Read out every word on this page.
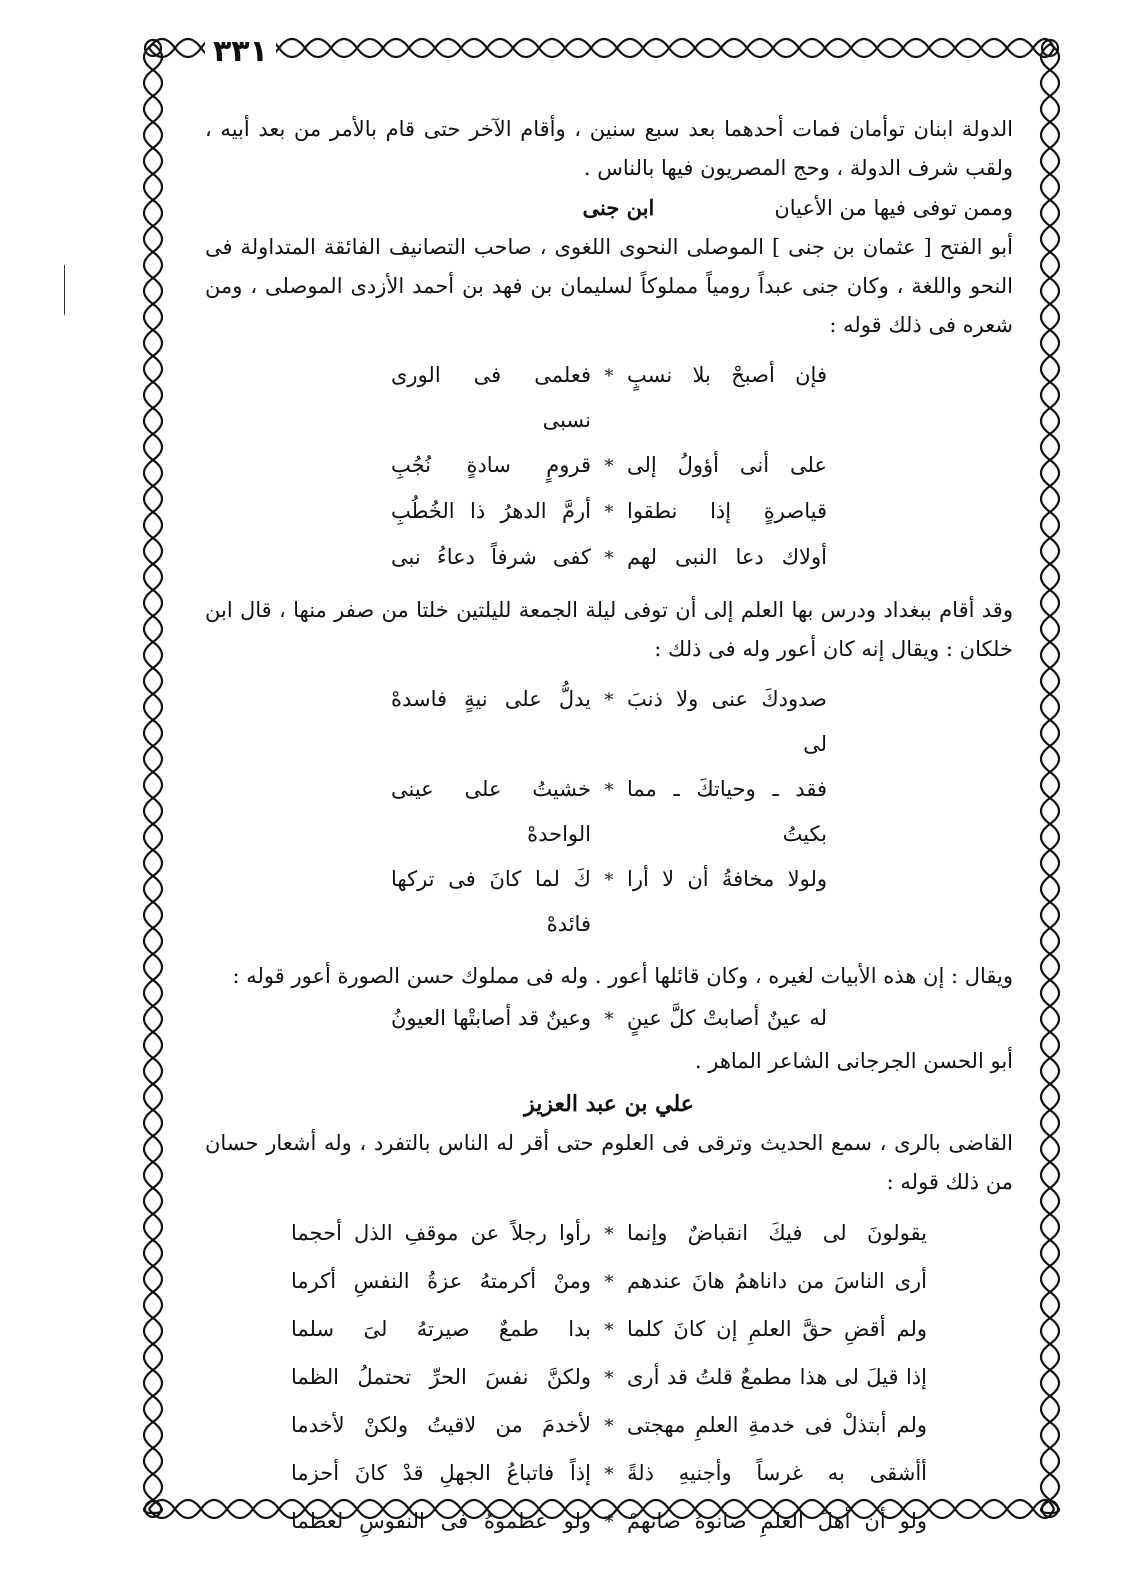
٣٣١

الدولة ابنان توأمان فمات أحدهما بعد سبع سنين ، وأقام الآخر حتى قام بالأمر من بعد أبيه ، ولقب شرف الدولة ، وحج المصريون فيها بالناس .

وممن توفى فيها من الأعيان
ابن جنى

أبو الفتح [ عثمان بن جنى ] الموصلى النحوى اللغوى ، صاحب التصانيف الفائقة المتداولة فى النحو واللغة ، وكان جنى عبداً رومياً مملوكاً لسليمان بن فهد بن أحمد الأزدى الموصلى ، ومن شعره فى ذلك قوله :

فإن أصبحْ بلا نسبٍ
*
فعلمى فى الورى نسبى
على أنى أؤولُ إلى
*
قرومٍ سادةٍ نُجُبِ
قياصرةٍ إذا نطقوا
*
أرمَّ الدهرُ ذا الخُطُبِ
أولاك دعا النبى لهم
*
كفى شرفاً دعاءُ نبى

وقد أقام ببغداد ودرس بها العلم إلى أن توفى ليلة الجمعة لليلتين خلتا من صفر منها ، قال ابن خلكان : ويقال إنه كان أعور وله فى ذلك :

صدودكَ عنى ولا ذنبَ لى
*
يدلُّ على نيةٍ فاسدهْ
فقد ـ وحياتكَ ـ مما بكيتُ
*
خشيتُ على عينى الواحدهْ
ولولا مخافةُ أن لا أرا
*
كَ لما كانَ فى تركها فائدهْ

ويقال : إن هذه الأبيات لغيره ، وكان قائلها أعور . وله فى مملوك حسن الصورة أعور قوله :

له عينٌ أصابتْ كلَّ عينٍ
*
وعينٌ قد أصابتْها العيونُ

أبو الحسن الجرجانى الشاعر الماهر .

علي بن عبد العزيز

القاضى بالرى ، سمع الحديث وترقى فى العلوم حتى أقر له الناس بالتفرد ، وله أشعار حسان من ذلك قوله :

يقولونَ لى فيكَ انقباضٌ وإنما
*
رأوا رجلاً عن موقفِ الذل أحجما
أرى الناسَ من داناهمُ هانَ عندهم
*
ومنْ أكرمتهُ عزةُ النفسِ أكرما
ولم أقضِ حقَّ العلمِ إن كانَ كلما
*
بدا طمعٌ صيرتهُ لىَ سلما
إذا قيلَ لى هذا مطمعٌ قلتُ قد أرى
*
ولكنَّ نفسَ الحرِّ تحتملُ الظما
ولم أبتذلْ فى خدمةِ العلمِ مهجتى
*
لأخدمَ من لاقيتُ ولكنْ لأخدما
أأشقى به غرساً وأجنيهِ ذلةً
*
إذاً فاتباعُ الجهلِ قدْ كانَ أحزما
ولو أن أهلَ العلمِ صانوهُ صانهمْ
*
ولو عظموهُ فى النفوسِ لعظما
